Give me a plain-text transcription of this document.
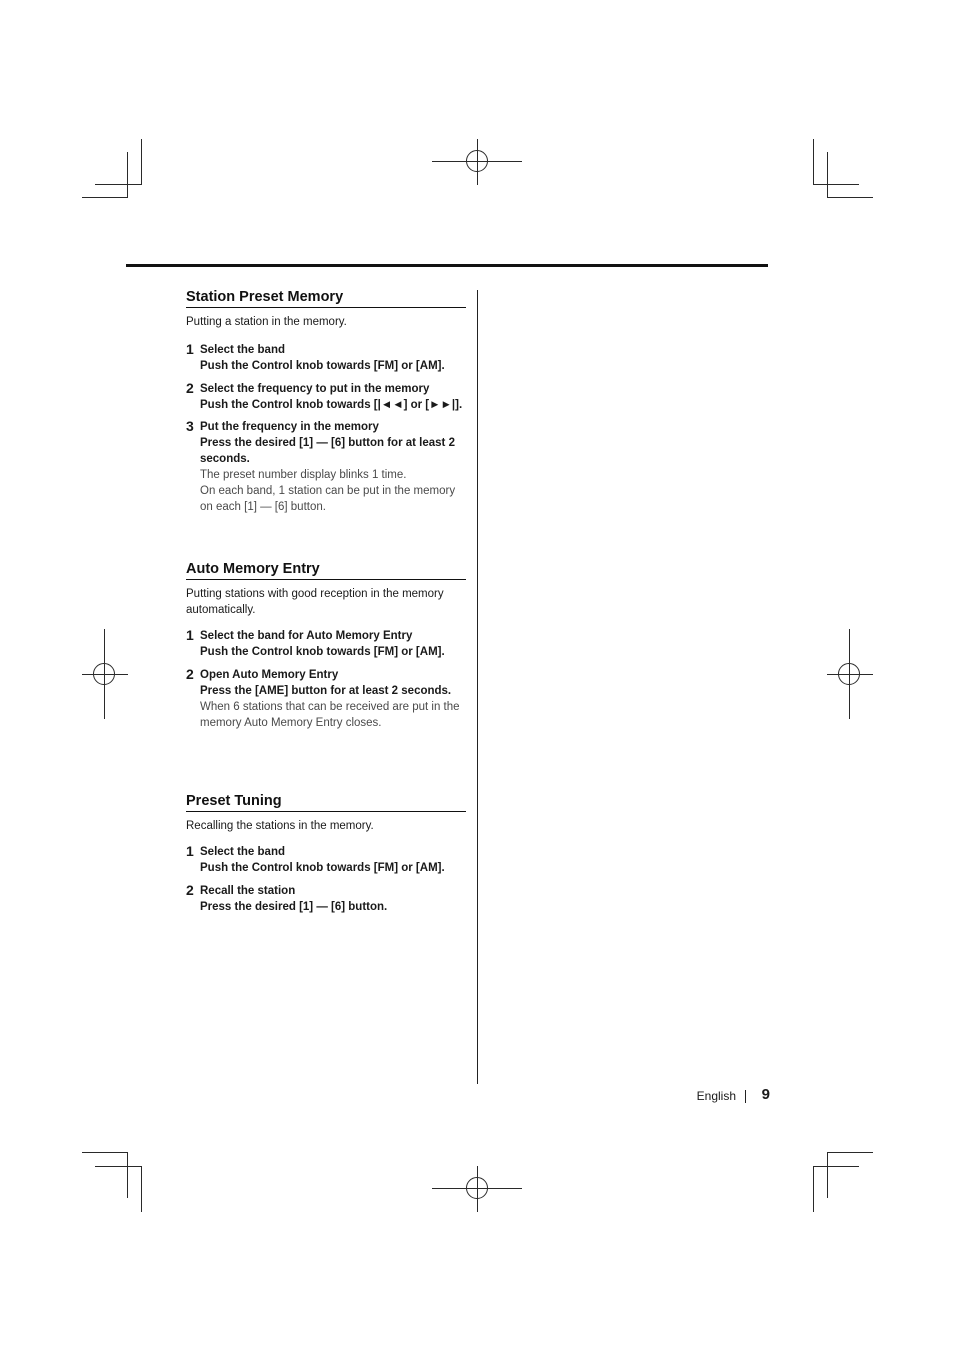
Station Preset Memory
Putting a station in the memory.
1 Select the band
Push the Control knob towards [FM] or [AM].
2 Select the frequency to put in the memory
Push the Control knob towards [|◄◄] or [►►|].
3 Put the frequency in the memory
Press the desired [1] — [6] button for at least 2 seconds.
The preset number display blinks 1 time.
On each band, 1 station can be put in the memory on each [1] — [6] button.
Auto Memory Entry
Putting stations with good reception in the memory automatically.
1 Select the band for Auto Memory Entry
Push the Control knob towards [FM] or [AM].
2 Open Auto Memory Entry
Press the [AME] button for at least 2 seconds.
When 6 stations that can be received are put in the memory Auto Memory Entry closes.
Preset Tuning
Recalling the stations in the memory.
1 Select the band
Push the Control knob towards [FM] or [AM].
2 Recall the station
Press the desired [1] — [6] button.
English 9
